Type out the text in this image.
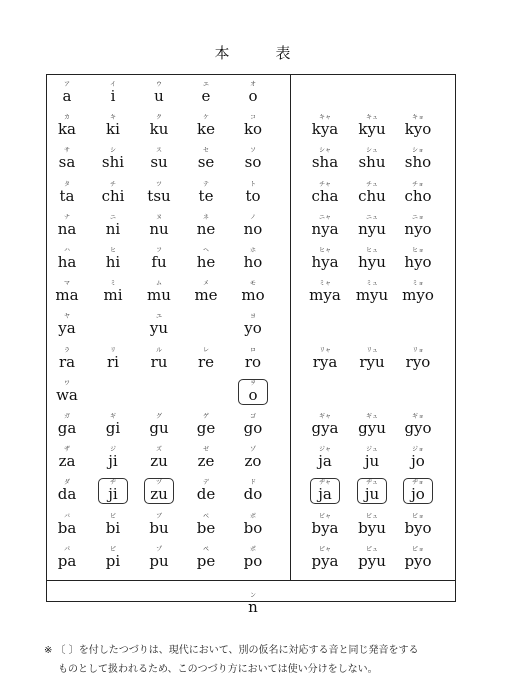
本	表
ア
a
イ
i
ウ
u
エ
e
オ
o
カ
ka
キ
ki
ク
ku
ケ
ke
コ
ko
サ
sa
シ
shi
ス
su
セ
se
ソ
so
タ
ta
チ
chi
ツ
tsu
テ
te
ト
to
ナ
na
ニ
ni
ヌ
nu
ネ
ne
ノ
no
ハ
ha
ヒ
hi
フ
fu
ヘ
he
ホ
ho
マ
ma
ミ
mi
ム
mu
メ
me
モ
mo
ヤ
ya
ユ
yu
ヨ
yo
ラ
ra
リ
ri
ル
ru
レ
re
ロ
ro
ワ
wa
ヲ
o
ガ
ga
ギ
gi
グ
gu
ゲ
ge
ゴ
go
ザ
za
ジ
ji
ズ
zu
ゼ
ze
ゾ
zo
ダ
da
ヂ
ji
ヅ
zu
デ
de
ド
do
バ
ba
ビ
bi
ブ
bu
ベ
be
ボ
bo
パ
pa
ピ
pi
プ
pu
ペ
pe
ポ
po
キャ
kya
キュ
kyu
キョ
kyo
シャ
sha
シュ
shu
ショ
sho
チャ
cha
チュ
chu
チョ
cho
ニャ
nya
ニュ
nyu
ニョ
nyo
ヒャ
hya
ヒュ
hyu
ヒョ
hyo
ミャ
mya
ミュ
myu
ミョ
myo
リャ
rya
リュ
ryu
リョ
ryo
ギャ
gya
ギュ
gyu
ギョ
gyo
ジャ
ja
ジュ
ju
ジョ
jo
ヂャ
ja
ヂュ
ju
ヂョ
jo
ビャ
bya
ビュ
byu
ビョ
byo
ピャ
pya
ピュ
pyu
ピョ
pyo
ン
n
※ 〔 〕を付したつづりは、現代において、別の仮名に対応する音と同じ発音をする
ものとして扱われるため、このつづり方においては使い分けをしない。
